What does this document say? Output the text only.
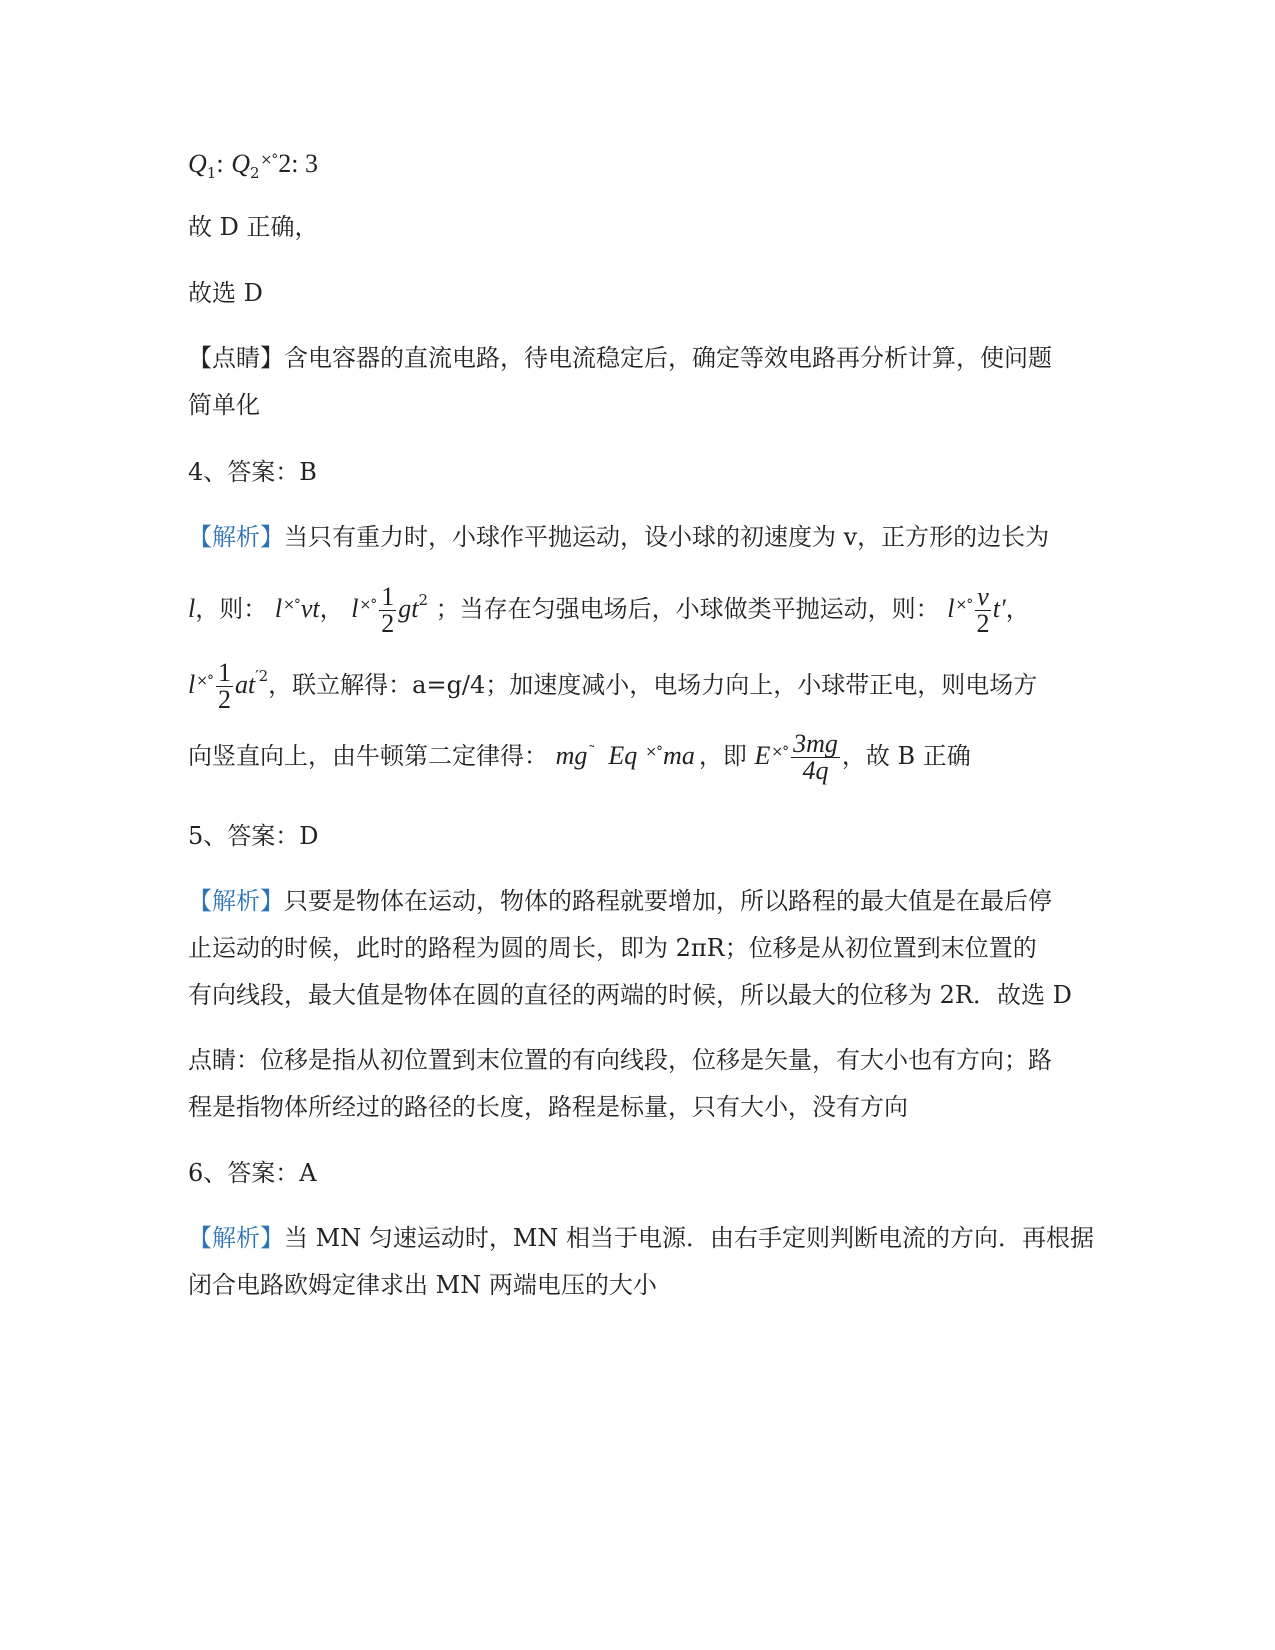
$Q_1$: $Q_2^{\times^\circ}2$: 3
故 D 正确，
故选 D
【点睛】含电容器的直流电路，待电流稳定后，确定等效电路再分析计算，使问题
简单化
4、答案：B
【解析】当只有重力时，小球作平抛运动，设小球的初速度为 v，正方形的边长为
l，则： l×°vt， $l^{\times^\circ} \frac{1}{2} gt^2$ ；当存在匀强电场后，小球做类平抛运动，则： $l^{\times^\circ} \frac{v}{2} t'$，
$l^{\times^\circ} \frac{1}{2} at^{'2}$，联立解得：a=g/4；加速度减小，电场力向上，小球带正电，则电场方
向竖直向上，由牛顿第二定律得： mg˜ Eq ×°ma ，即 $E^{\times^\circ} \frac{3mg}{4q}$ ，故 B 正确
5、答案：D
【解析】只要是物体在运动，物体的路程就要增加，所以路程的最大值是在最后停
止运动的时候，此时的路程为圆的周长，即为 2πR；位移是从初位置到末位置的
有向线段，最大值是物体在圆的直径的两端的时候，所以最大的位移为 2R．故选 D
点睛：位移是指从初位置到末位置的有向线段，位移是矢量，有大小也有方向；路
程是指物体所经过的路径的长度，路程是标量，只有大小，没有方向
6、答案：A
【解析】当 MN 匀速运动时，MN 相当于电源．由右手定则判断电流的方向．再根据
闭合电路欧姆定律求出 MN 两端电压的大小
